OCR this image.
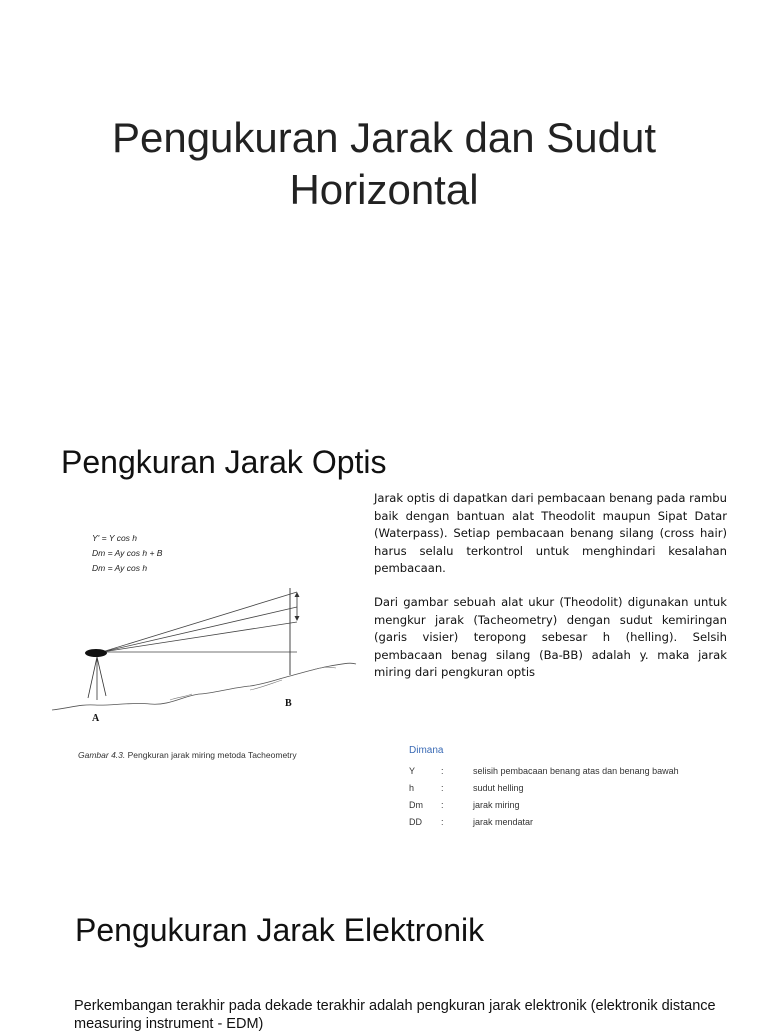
Pengukuran Jarak dan Sudut
Horizontal
Pengkuran Jarak Optis
Y' = Y cos h
Dm = Ay cos h + B
Dm = Ay cos h
A
B
Gambar 4.3. Pengkuran jarak miring metoda Tacheometry
Jarak optis di dapatkan dari pembacaan benang pada rambu baik dengan bantuan alat Theodolit maupun Sipat Datar (Waterpass). Setiap pembacaan benang silang (cross hair) harus selalu terkontrol untuk menghindari kesalahan pembacaan.
Dari gambar sebuah alat ukur (Theodolit) digunakan untuk mengkur jarak (Tacheometry) dengan sudut kemiringan (garis visier) teropong sebesar h (helling). Selsih pembacaan benag silang (Ba-BB) adalah y. maka jarak miring dari pengkuran optis
Dimana
Y	:	selisih pembacaan benang atas dan benang bawah
h	:	sudut helling
Dm	:	jarak miring
DD	:	jarak mendatar
Pengukuran Jarak Elektronik
Perkembangan terakhir pada dekade terakhir adalah pengkuran jarak elektronik (elektronik distance measuring instrument - EDM)
